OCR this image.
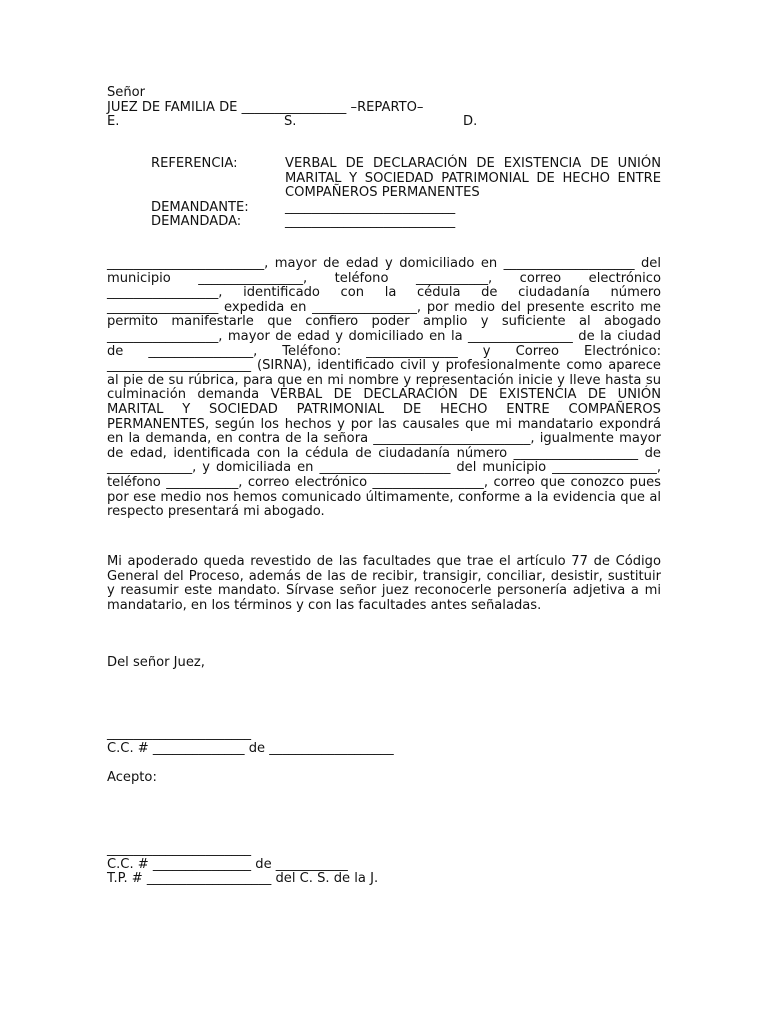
Señor
JUEZ DE FAMILIA DE ________________ –REPARTO–
E.	S.	D.
REFERENCIA:	VERBAL DE DECLARACIÓN DE EXISTENCIA DE UNIÓN MARITAL Y SOCIEDAD PATRIMONIAL DE HECHO ENTRE COMPAÑEROS PERMANENTES
DEMANDANTE:	__________________________
DEMANDADA:	__________________________

________________________, mayor de edad y domiciliado en ____________________ del municipio ________________, teléfono ___________, correo electrónico _________________, identificado con la cédula de ciudadanía número _________________ expedida en ________________, por medio del presente escrito me permito manifestarle que confiero poder amplio y suficiente al abogado _________________, mayor de edad y domiciliado en la ________________ de la ciudad de ________________, Teléfono: ______________ y Correo Electrónico: ______________________ (SIRNA), identificado civil y profesionalmente como aparece al pie de su rúbrica, para que en mi nombre y representación inicie y lleve hasta su culminación demanda VERBAL DE DECLARACIÓN DE EXISTENCIA DE UNIÓN MARITAL Y SOCIEDAD PATRIMONIAL DE HECHO ENTRE COMPAÑEROS PERMANENTES, según los hechos y por las causales que mi mandatario expondrá en la demanda, en contra de la señora ________________________, igualmente mayor de edad, identificada con la cédula de ciudadanía número ___________________ de _____________, y domiciliada en ____________________ del municipio ________________, teléfono ___________, correo electrónico _________________, correo que conozco pues por ese medio nos hemos comunicado últimamente, conforme a la evidencia que al respecto presentará mi abogado.

Mi apoderado queda revestido de las facultades que trae el artículo 77 de Código General del Proceso, además de las de recibir, transigir, conciliar, desistir, sustituir y reasumir este mandato. Sírvase señor juez reconocerle personería adjetiva a mi mandatario, en los términos y con las facultades antes señaladas.

Del señor Juez,
______________________
C.C. # ______________ de ___________________
Acepto:
______________________
C.C. # _______________ de ___________
T.P. # ___________________ del C. S. de la J.
